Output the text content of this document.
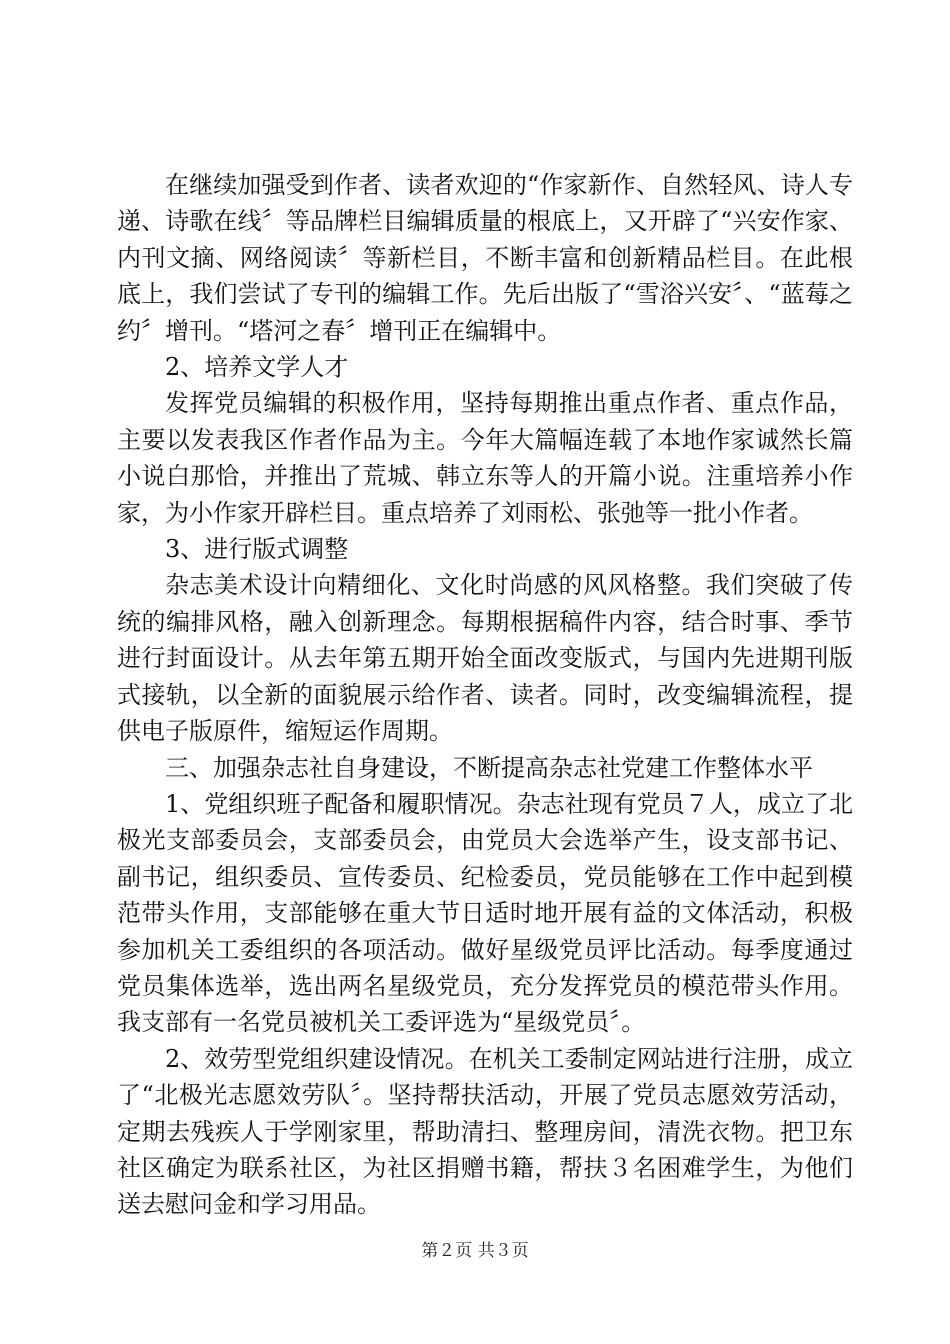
在继续加强受到作者、读者欢迎的“作家新作、自然轻风、诗人专递、诗歌在线〞等品牌栏目编辑质量的根底上，又开辟了“兴安作家、内刊文摘、网络阅读〞等新栏目，不断丰富和创新精品栏目。在此根底上，我们尝试了专刊的编辑工作。先后出版了“雪浴兴安〞、“蓝莓之约〞增刊。“塔河之春〞增刊正在编辑中。

2、培养文学人才

发挥党员编辑的积极作用，坚持每期推出重点作者、重点作品，主要以发表我区作者作品为主。今年大篇幅连载了本地作家诚然长篇小说白那恰，并推出了荒城、韩立东等人的开篇小说。注重培养小作家，为小作家开辟栏目。重点培养了刘雨松、张弛等一批小作者。

3、进行版式调整

杂志美术设计向精细化、文化时尚感的风风格整。我们突破了传统的编排风格，融入创新理念。每期根据稿件内容，结合时事、季节进行封面设计。从去年第五期开始全面改变版式，与国内先进期刊版式接轨，以全新的面貌展示给作者、读者。同时，改变编辑流程，提供电子版原件，缩短运作周期。

三、加强杂志社自身建设，不断提高杂志社党建工作整体水平

1、党组织班子配备和履职情况。杂志社现有党员７人，成立了北极光支部委员会，支部委员会，由党员大会选举产生，设支部书记、副书记，组织委员、宣传委员、纪检委员，党员能够在工作中起到模范带头作用，支部能够在重大节日适时地开展有益的文体活动，积极参加机关工委组织的各项活动。做好星级党员评比活动。每季度通过党员集体选举，选出两名星级党员，充分发挥党员的模范带头作用。我支部有一名党员被机关工委评选为“星级党员〞。

2、效劳型党组织建设情况。在机关工委制定网站进行注册，成立了“北极光志愿效劳队〞。坚持帮扶活动，开展了党员志愿效劳活动，定期去残疾人于学刚家里，帮助清扫、整理房间，清洗衣物。把卫东社区确定为联系社区，为社区捐赠书籍，帮扶３名困难学生，为他们送去慰问金和学习用品。

第２页 共３页
